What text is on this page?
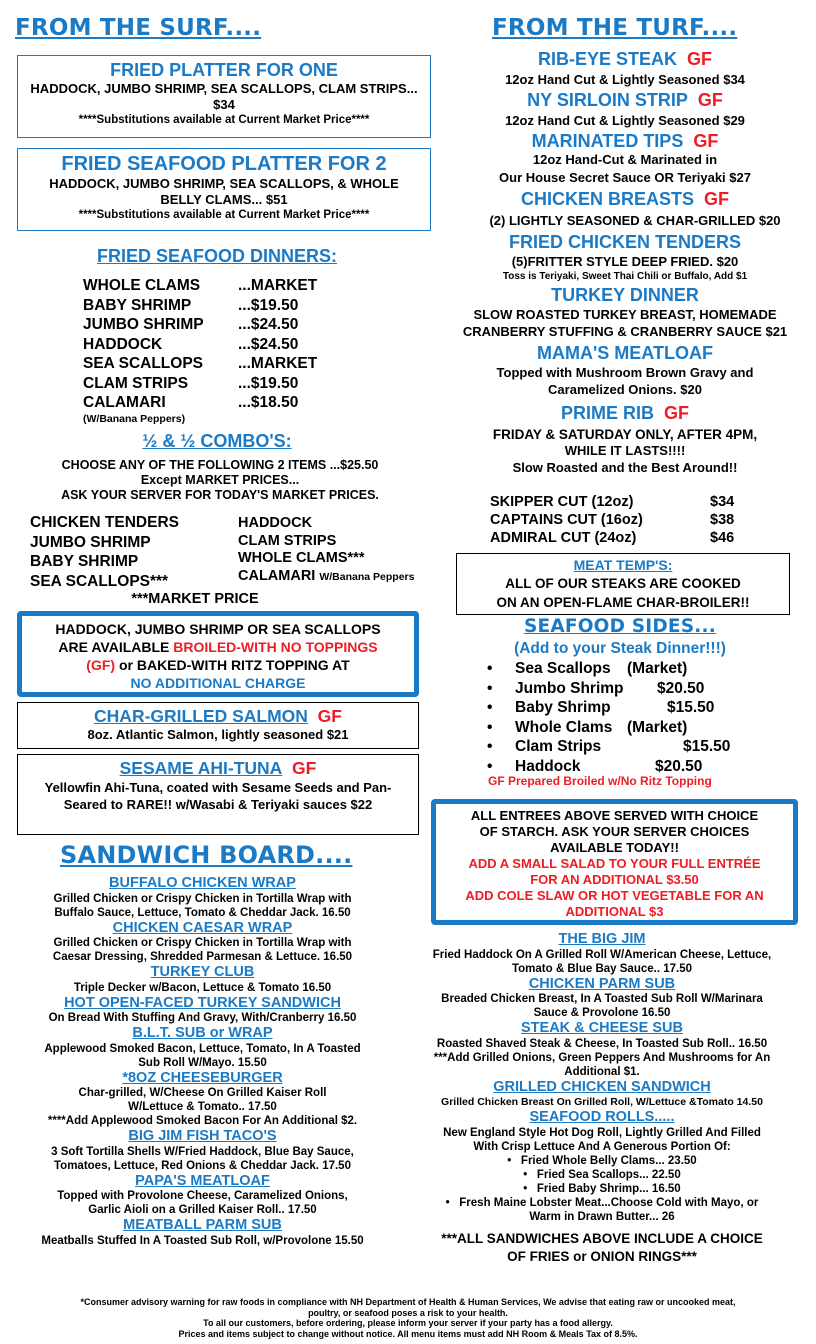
FROM THE SURF....
FRIED PLATTER FOR ONE
HADDOCK, JUMBO SHRIMP, SEA SCALLOPS, CLAM STRIPS... $34
****Substitutions available at Current Market Price****
FRIED SEAFOOD PLATTER FOR 2
HADDOCK, JUMBO SHRIMP, SEA SCALLOPS, & WHOLE BELLY CLAMS... $51
****Substitutions available at Current Market Price****
FRIED SEAFOOD DINNERS:
WHOLE CLAMS	...MARKET
BABY SHRIMP	...$19.50
JUMBO SHRIMP	...$24.50
HADDOCK	...$24.50
SEA SCALLOPS	...MARKET
CLAM STRIPS	...$19.50
CALAMARI	...$18.50
(W/Banana Peppers)
½ & ½ COMBO'S:
CHOOSE ANY OF THE FOLLOWING 2 ITEMS ...$25.50
Except MARKET PRICES...
ASK YOUR SERVER FOR TODAY'S MARKET PRICES.
CHICKEN TENDERS
JUMBO SHRIMP
BABY SHRIMP
SEA SCALLOPS***
HADDOCK
CLAM STRIPS
WHOLE CLAMS***
CALAMARI W/Banana Peppers
***MARKET PRICE
HADDOCK, JUMBO SHRIMP OR SEA SCALLOPS
ARE AVAILABLE BROILED-WITH NO TOPPINGS
(GF) or BAKED-WITH RITZ TOPPING AT
NO ADDITIONAL CHARGE
CHAR-GRILLED SALMON GF
8oz. Atlantic Salmon, lightly seasoned $21
SESAME AHI-TUNA GF
Yellowfin Ahi-Tuna, coated with Sesame Seeds and Pan-Seared to RARE!! w/Wasabi & Teriyaki sauces $22
FROM THE TURF....
RIB-EYE STEAK GF
12oz Hand Cut & Lightly Seasoned $34
NY SIRLOIN STRIP GF
12oz Hand Cut & Lightly Seasoned $29
MARINATED TIPS GF
12oz Hand-Cut & Marinated in
Our House Secret Sauce OR Teriyaki $27
CHICKEN BREASTS GF
(2) LIGHTLY SEASONED & CHAR-GRILLED $20
FRIED CHICKEN TENDERS
(5)FRITTER STYLE DEEP FRIED. $20
Toss is Teriyaki, Sweet Thai Chili or Buffalo, Add $1
TURKEY DINNER
SLOW ROASTED TURKEY BREAST, HOMEMADE
CRANBERRY STUFFING & CRANBERRY SAUCE $21
MAMA'S MEATLOAF
Topped with Mushroom Brown Gravy and
Caramelized Onions. $20
PRIME RIB GF
FRIDAY & SATURDAY ONLY, AFTER 4PM,
WHILE IT LASTS!!!!
Slow Roasted and the Best Around!!
SKIPPER CUT (12oz)	$34
CAPTAINS CUT (16oz)	$38
ADMIRAL CUT (24oz)	$46
MEAT TEMP'S:
ALL OF OUR STEAKS ARE COOKED
ON AN OPEN-FLAME CHAR-BROILER!!
SEAFOOD SIDES...
(Add to your Steak Dinner!!!)
•	Sea Scallops	(Market)
•	Jumbo Shrimp	$20.50
•	Baby Shrimp	$15.50
•	Whole Clams (Market)
•	Clam Strips	$15.50
•	Haddock	$20.50
GF Prepared Broiled w/No Ritz Topping
ALL ENTREES ABOVE SERVED WITH CHOICE
OF STARCH. ASK YOUR SERVER CHOICES
AVAILABLE TODAY!!
ADD A SMALL SALAD TO YOUR FULL ENTRÉE
FOR AN ADDITIONAL $3.50
ADD COLE SLAW OR HOT VEGETABLE FOR AN
ADDITIONAL $3
SANDWICH BOARD....
BUFFALO CHICKEN WRAP
Grilled Chicken or Crispy Chicken in Tortilla Wrap with
Buffalo Sauce, Lettuce, Tomato & Cheddar Jack. 16.50
CHICKEN CAESAR WRAP
Grilled Chicken or Crispy Chicken in Tortilla Wrap with
Caesar Dressing, Shredded Parmesan & Lettuce. 16.50
TURKEY CLUB
Triple Decker w/Bacon, Lettuce & Tomato 16.50
HOT OPEN-FACED TURKEY SANDWICH
On Bread With Stuffing And Gravy, With/Cranberry 16.50
B.L.T. SUB or WRAP
Applewood Smoked Bacon, Lettuce, Tomato, In A Toasted
Sub Roll W/Mayo. 15.50
*8OZ CHEESEBURGER
Char-grilled, W/Cheese On Grilled Kaiser Roll
W/Lettuce & Tomato.. 17.50
****Add Applewood Smoked Bacon For An Additional $2.
BIG JIM FISH TACO'S
3 Soft Tortilla Shells W/Fried Haddock, Blue Bay Sauce,
Tomatoes, Lettuce, Red Onions & Cheddar Jack. 17.50
PAPA'S MEATLOAF
Topped with Provolone Cheese, Caramelized Onions,
Garlic Aioli on a Grilled Kaiser Roll.. 17.50
MEATBALL PARM SUB
Meatballs Stuffed In A Toasted Sub Roll, w/Provolone 15.50
THE BIG JIM
Fried Haddock On A Grilled Roll W/American Cheese, Lettuce,
Tomato & Blue Bay Sauce.. 17.50
CHICKEN PARM SUB
Breaded Chicken Breast, In A Toasted Sub Roll W/Marinara
Sauce & Provolone 16.50
STEAK & CHEESE SUB
Roasted Shaved Steak & Cheese, In Toasted Sub Roll.. 16.50
***Add Grilled Onions, Green Peppers And Mushrooms for An
Additional $1.
GRILLED CHICKEN SANDWICH
Grilled Chicken Breast On Grilled Roll, W/Lettuce &Tomato 14.50
SEAFOOD ROLLS.....
New England Style Hot Dog Roll, Lightly Grilled And Filled
With Crisp Lettuce And A Generous Portion Of:
• Fried Whole Belly Clams... 23.50
• Fried Sea Scallops... 22.50
• Fried Baby Shrimp... 16.50
• Fresh Maine Lobster Meat...Choose Cold with Mayo, or
Warm in Drawn Butter... 26
***ALL SANDWICHES ABOVE INCLUDE A CHOICE
OF FRIES or ONION RINGS***
*Consumer advisory warning for raw foods in compliance with NH Department of Health & Human Services, We advise that eating raw or uncooked meat,
poultry, or seafood poses a risk to your health.
To all our customers, before ordering, please inform your server if your party has a food allergy.
Prices and items subject to change without notice. All menu items must add NH Room & Meals Tax of 8.5%.
